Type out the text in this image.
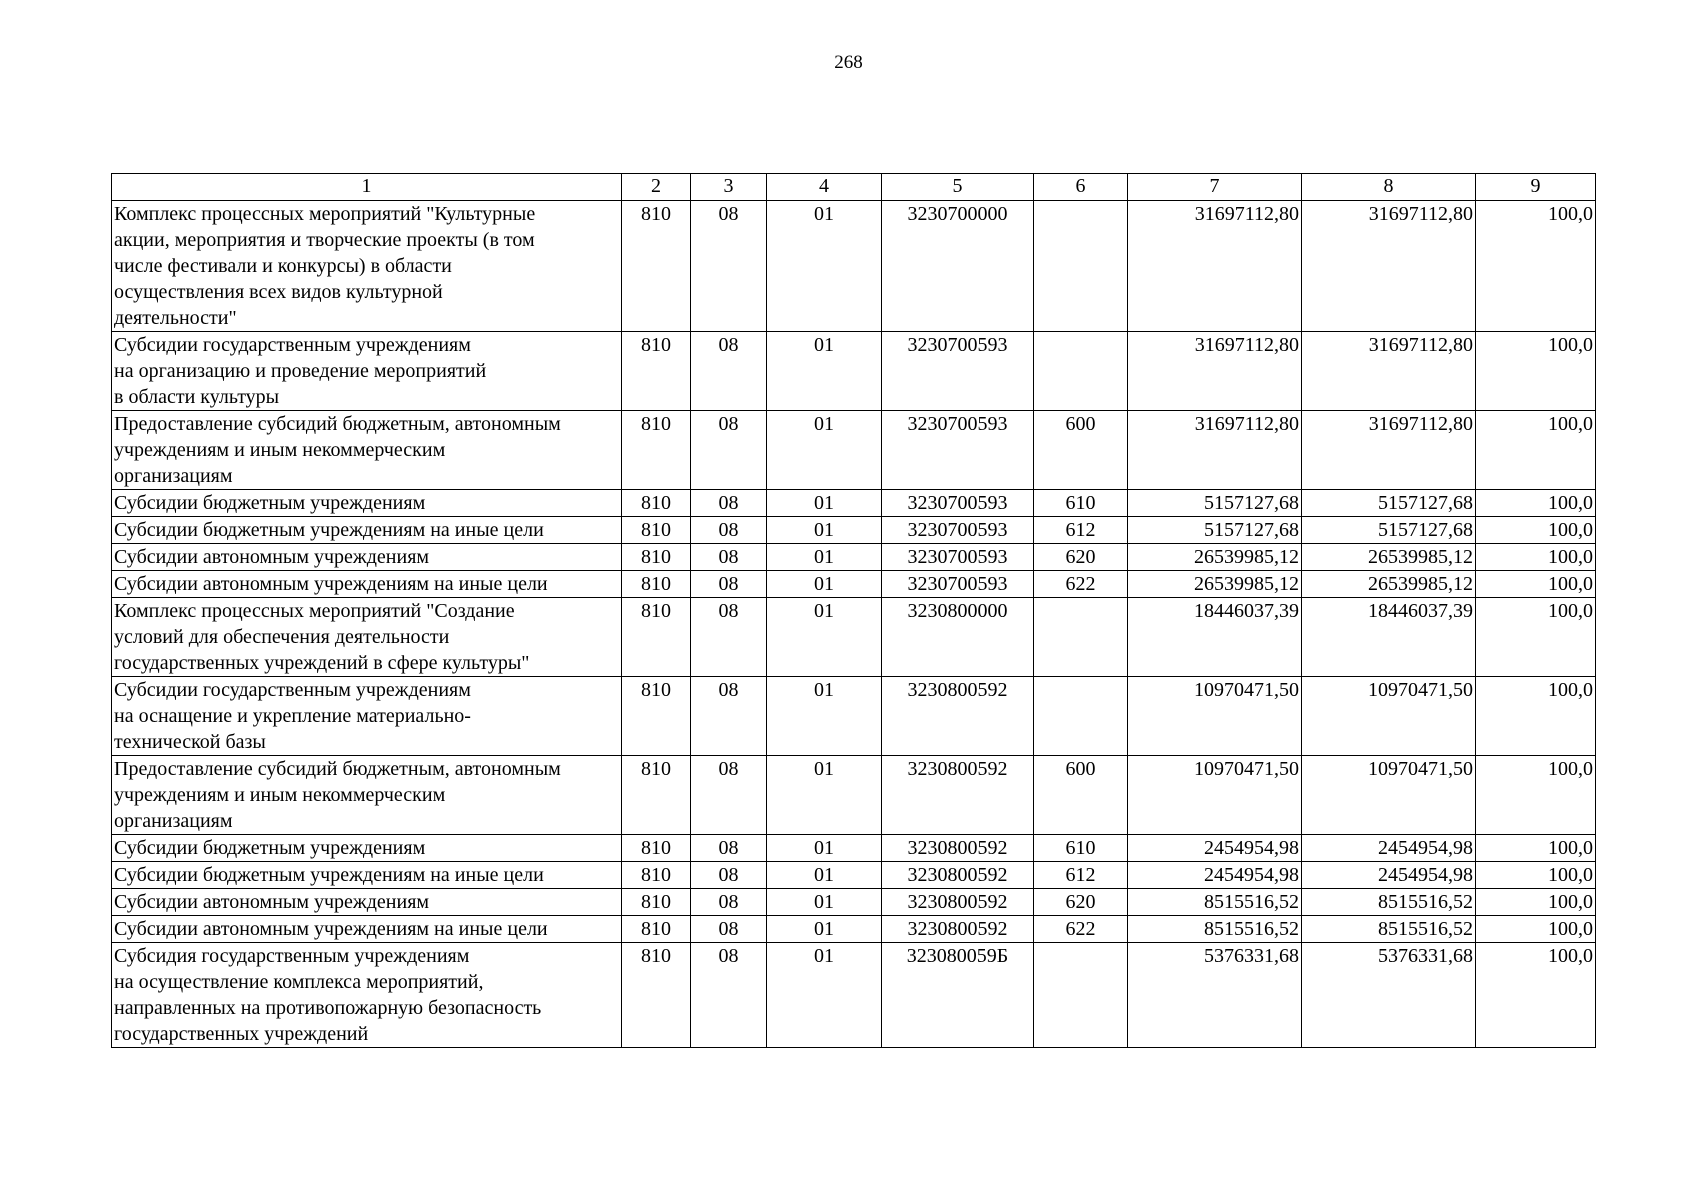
268
1	2	3	4	5	6	7	8	9

Комплекс процессных мероприятий "Культурные
акции, мероприятия и творческие проекты (в том
числе фестивали и конкурсы) в области
осуществления всех видов культурной
деятельности"	810	08	01	3230700000		31697112,80	31697112,80	100,0

Субсидии государственным учреждениям
на организацию и проведение мероприятий
в области культуры	810	08	01	3230700593		31697112,80	31697112,80	100,0

Предоставление субсидий бюджетным, автономным
учреждениям и иным некоммерческим
организациям	810	08	01	3230700593	600	31697112,80	31697112,80	100,0

Субсидии бюджетным учреждениям	810	08	01	3230700593	610	5157127,68	5157127,68	100,0

Субсидии бюджетным учреждениям на иные цели	810	08	01	3230700593	612	5157127,68	5157127,68	100,0

Субсидии автономным учреждениям	810	08	01	3230700593	620	26539985,12	26539985,12	100,0

Субсидии автономным учреждениям на иные цели	810	08	01	3230700593	622	26539985,12	26539985,12	100,0

Комплекс процессных мероприятий "Создание
условий для обеспечения деятельности
государственных учреждений в сфере культуры"	810	08	01	3230800000		18446037,39	18446037,39	100,0

Субсидии государственным учреждениям
на оснащение и укрепление материально-
технической базы	810	08	01	3230800592		10970471,50	10970471,50	100,0

Предоставление субсидий бюджетным, автономным
учреждениям и иным некоммерческим
организациям	810	08	01	3230800592	600	10970471,50	10970471,50	100,0

Субсидии бюджетным учреждениям	810	08	01	3230800592	610	2454954,98	2454954,98	100,0

Субсидии бюджетным учреждениям на иные цели	810	08	01	3230800592	612	2454954,98	2454954,98	100,0

Субсидии автономным учреждениям	810	08	01	3230800592	620	8515516,52	8515516,52	100,0

Субсидии автономным учреждениям на иные цели	810	08	01	3230800592	622	8515516,52	8515516,52	100,0

Субсидия государственным учреждениям
на осуществление комплекса мероприятий,
направленных на противопожарную безопасность
государственных учреждений	810	08	01	323080059Б		5376331,68	5376331,68	100,0
